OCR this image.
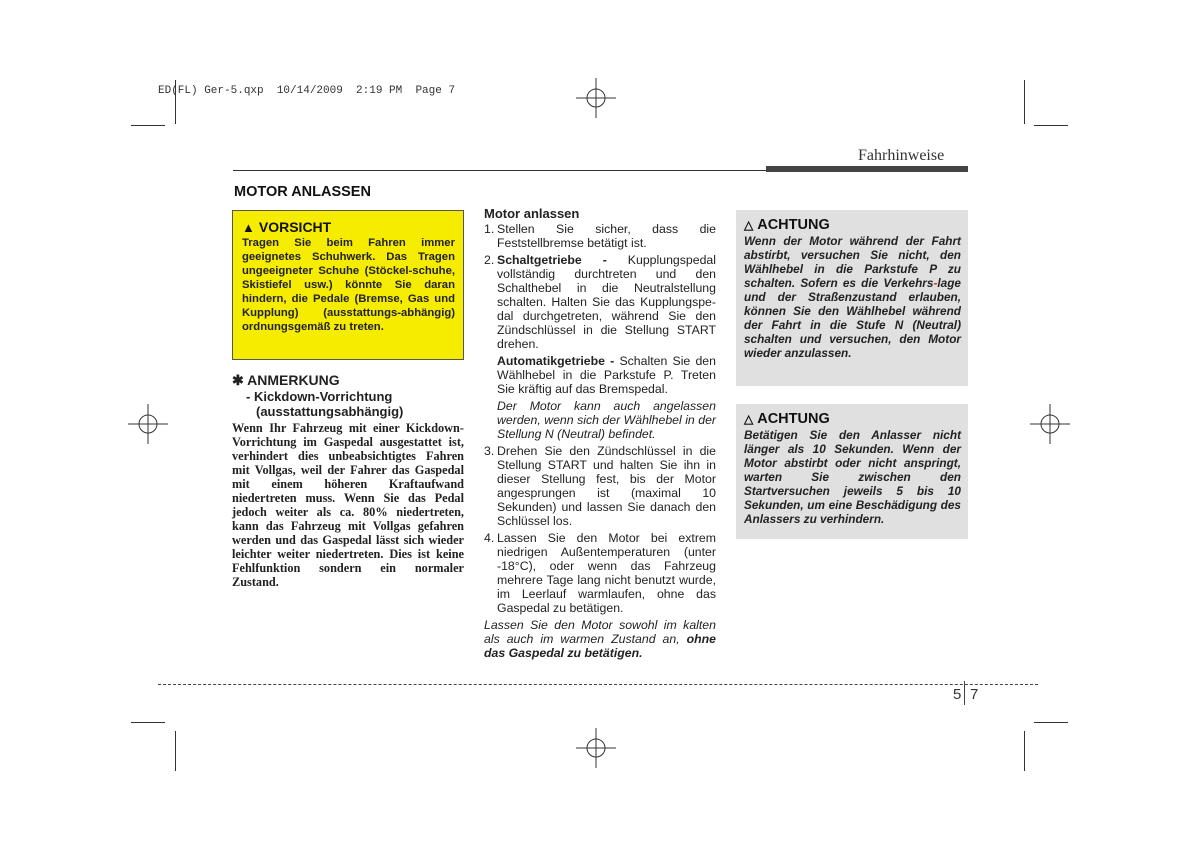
ED(FL) Ger-5.qxp  10/14/2009  2:19 PM  Page 7
Fahrhinweise
MOTOR ANLASSEN
▲ VORSICHT
Tragen Sie beim Fahren immer geeignetes Schuhwerk. Das Tragen ungeeigneter Schuhe (Stöckel-schuhe, Skistiefel usw.) könnte Sie daran hindern, die Pedale (Bremse, Gas und Kupplung) (ausstattungs-abhängig) ordnungsgemäß zu treten.
✱ ANMERKUNG
- Kickdown-Vorrichtung
(ausstattungsabhängig)
Wenn Ihr Fahrzeug mit einer Kickdown-Vorrichtung im Gaspedal ausgestattet ist, verhindert dies unbeabsichtigtes Fahren mit Vollgas, weil der Fahrer das Gaspedal mit einem höheren Kraftaufwand niedertreten muss. Wenn Sie das Pedal jedoch weiter als ca. 80% niedertreten, kann das Fahrzeug mit Vollgas gefahren werden und das Gaspedal lässt sich wieder leichter weiter niedertreten. Dies ist keine Fehlfunktion sondern ein normaler Zustand.
Motor anlassen
1. Stellen Sie sicher, dass die Feststellbremse betätigt ist.
2. Schaltgetriebe - Kupplungspedal vollständig durchtreten und den Schalthebel in die Neutralstellung schalten. Halten Sie das Kupplungspe-dal durchgetreten, während Sie den Zündschlüssel in die Stellung START drehen.
Automatikgetriebe - Schalten Sie den Wählhebel in die Parkstufe P. Treten Sie kräftig auf das Bremspedal.
Der Motor kann auch angelassen werden, wenn sich der Wählhebel in der Stellung N (Neutral) befindet.
3. Drehen Sie den Zündschlüssel in die Stellung START und halten Sie ihn in dieser Stellung fest, bis der Motor angesprungen ist (maximal 10 Sekunden) und lassen Sie danach den Schlüssel los.
4. Lassen Sie den Motor bei extrem niedrigen Außentemperaturen (unter -18°C), oder wenn das Fahrzeug mehrere Tage lang nicht benutzt wurde, im Leerlauf warmlaufen, ohne das Gaspedal zu betätigen.
Lassen Sie den Motor sowohl im kalten als auch im warmen Zustand an, ohne das Gaspedal zu betätigen.
△ ACHTUNG
Wenn der Motor während der Fahrt abstirbt, versuchen Sie nicht, den Wählhebel in die Parkstufe P zu schalten. Sofern es die Verkehrs-lage und der Straßenzustand erlauben, können Sie den Wählhebel während der Fahrt in die Stufe N (Neutral) schalten und versuchen, den Motor wieder anzulassen.
△ ACHTUNG
Betätigen Sie den Anlasser nicht länger als 10 Sekunden. Wenn der Motor abstirbt oder nicht anspringt, warten Sie zwischen den Startversuchen jeweils 5 bis 10 Sekunden, um eine Beschädigung des Anlassers zu verhindern.
5 7
